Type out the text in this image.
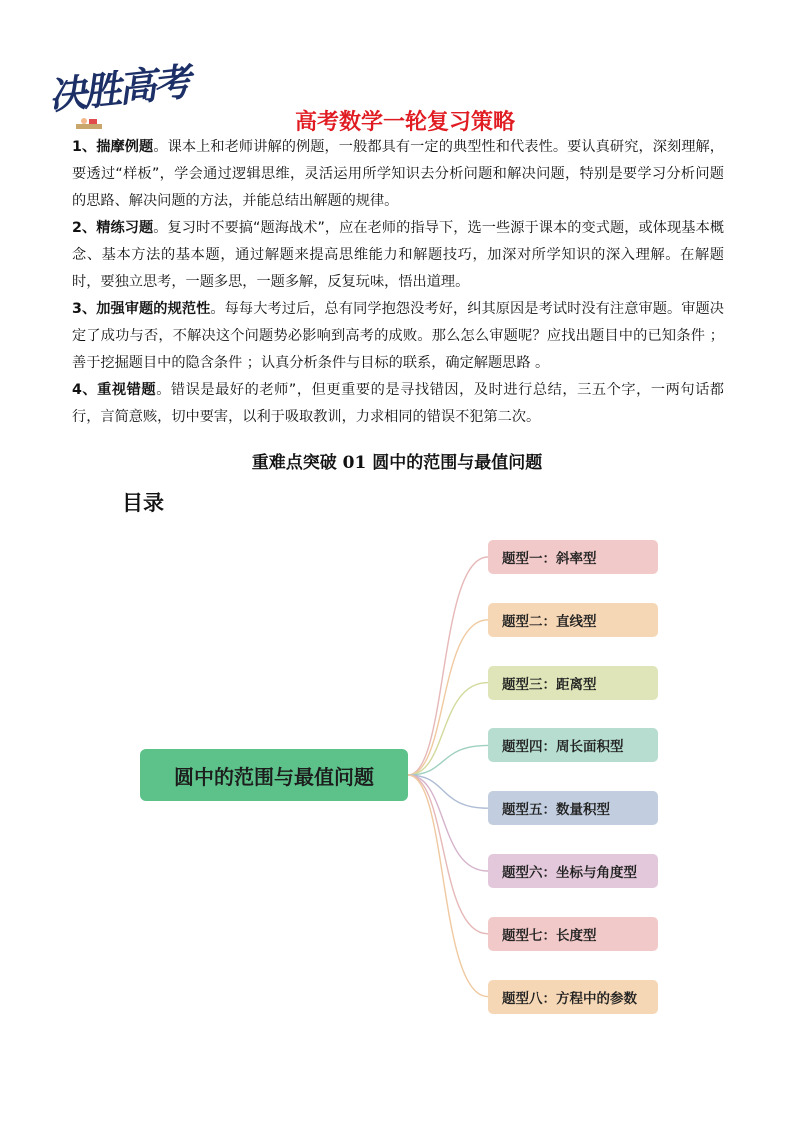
决胜高考
高考数学一轮复习策略

1、揣摩例题。课本上和老师讲解的例题，一般都具有一定的典型性和代表性。要认真研究，深刻理解，要透过“样板”，学会通过逻辑思维，灵活运用所学知识去分析问题和解决问题，特别是要学习分析问题的思路、解决问题的方法，并能总结出解题的规律。

2、精练习题。复习时不要搞“题海战术”，应在老师的指导下，选一些源于课本的变式题，或体现基本概念、基本方法的基本题，通过解题来提高思维能力和解题技巧，加深对所学知识的深入理解。在解题时，要独立思考，一题多思，一题多解，反复玩味，悟出道理。

3、加强审题的规范性。每每大考过后，总有同学抱怨没考好，纠其原因是考试时没有注意审题。审题决定了成功与否，不解决这个问题势必影响到高考的成败。那么怎么审题呢？应找出题目中的已知条件 ；善于挖掘题目中的隐含条件 ；认真分析条件与目标的联系，确定解题思路 。

4、重视错题。错误是最好的老师”，但更重要的是寻找错因，及时进行总结，三五个字，一两句话都行，言简意赅，切中要害，以利于吸取教训，力求相同的错误不犯第二次。

重难点突破 01 圆中的范围与最值问题
目录
圆中的范围与最值问题
题型一：斜率型
题型二：直线型
题型三：距离型
题型四：周长面积型
题型五：数量积型
题型六：坐标与角度型
题型七：长度型
题型八：方程中的参数
